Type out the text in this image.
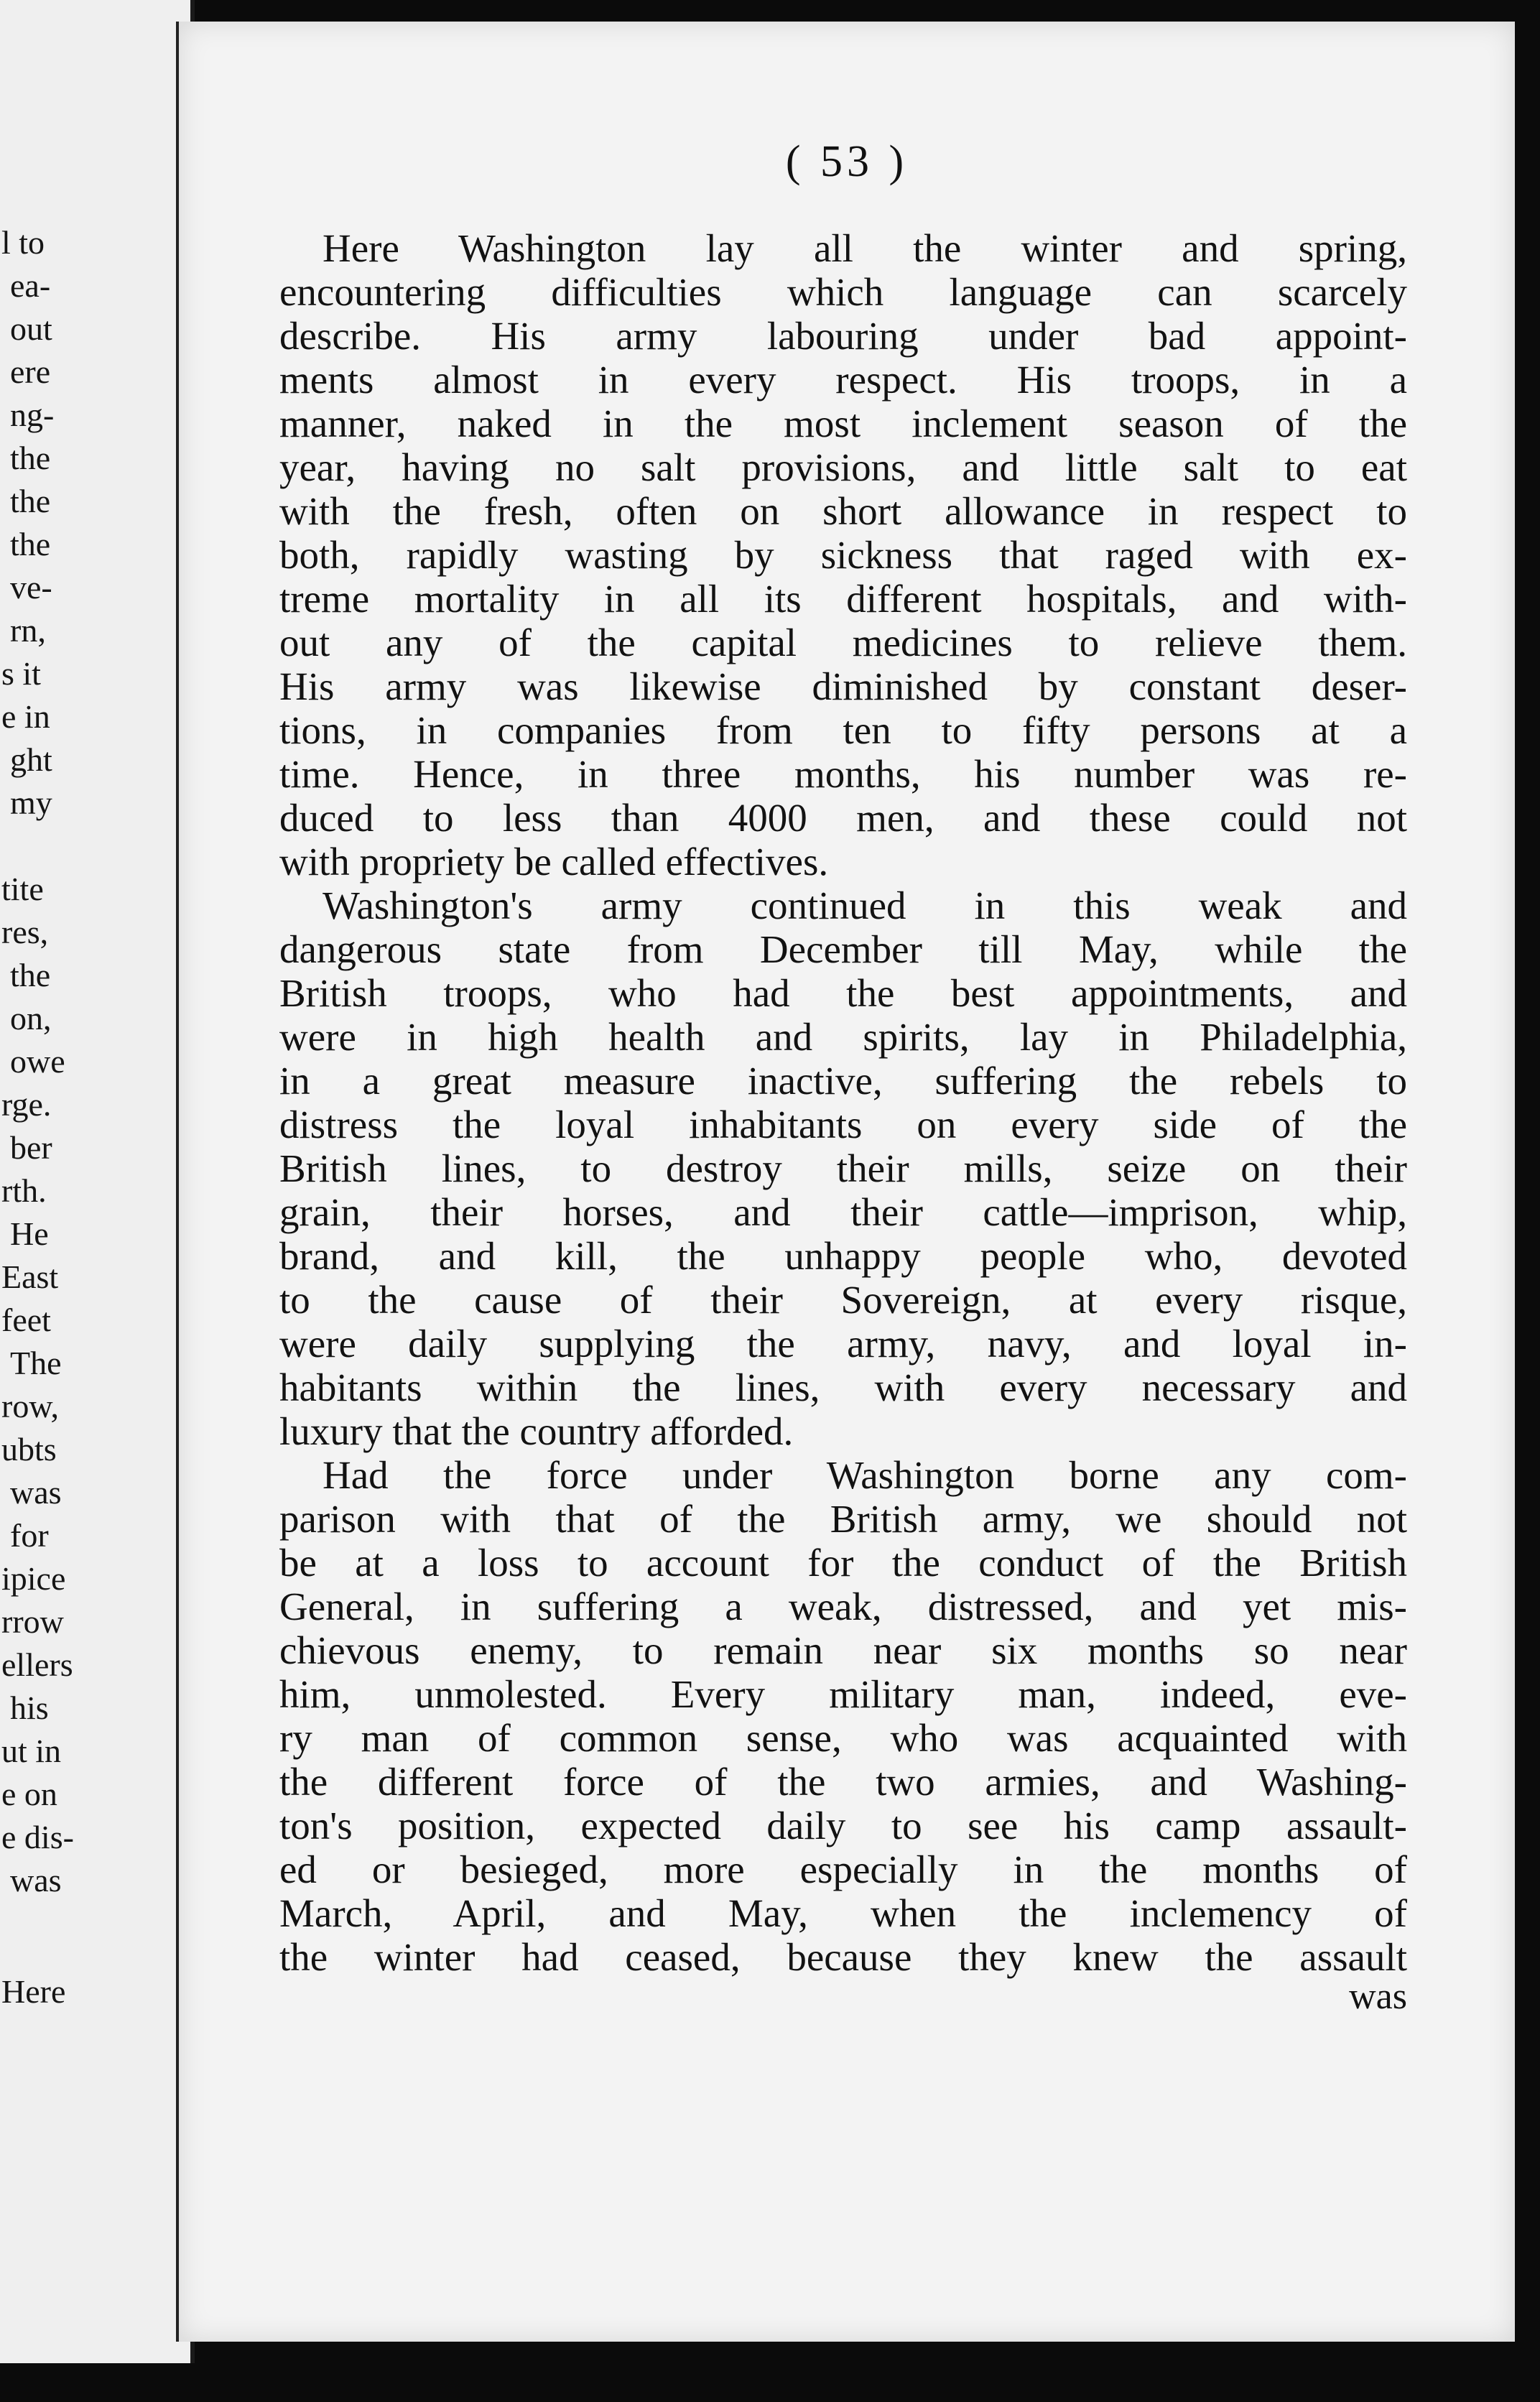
l to
ea-
out
ere
ng-
the
the
the
ve-
rn,
s it
e in
ght
my
tite
res,
the
on,
owe
rge.
ber
rth.
He
East
feet
The
row,
ubts
was
for
ipice
rrow
ellers
his
ut in
e on
e dis-
was
Here
( 53 )
Here Washington lay all the winter and spring,
encountering difficulties which language can scarcely
describe. His army labouring under bad appoint-
ments almost in every respect. His troops, in a
manner, naked in the most inclement season of the
year, having no salt provisions, and little salt to eat
with the fresh, often on short allowance in respect to
both, rapidly wasting by sickness that raged with ex-
treme mortality in all its different hospitals, and with-
out any of the capital medicines to relieve them.
His army was likewise diminished by constant deser-
tions, in companies from ten to fifty persons at a
time. Hence, in three months, his number was re-
duced to less than 4000 men, and these could not
with propriety be called effectives.
Washington's army continued in this weak and
dangerous state from December till May, while the
British troops, who had the best appointments, and
were in high health and spirits, lay in Philadelphia,
in a great measure inactive, suffering the rebels to
distress the loyal inhabitants on every side of the
British lines, to destroy their mills, seize on their
grain, their horses, and their cattle—imprison, whip,
brand, and kill, the unhappy people who, devoted
to the cause of their Sovereign, at every risque,
were daily supplying the army, navy, and loyal in-
habitants within the lines, with every necessary and
luxury that the country afforded.
Had the force under Washington borne any com-
parison with that of the British army, we should not
be at a loss to account for the conduct of the British
General, in suffering a weak, distressed, and yet mis-
chievous enemy, to remain near six months so near
him, unmolested. Every military man, indeed, eve-
ry man of common sense, who was acquainted with
the different force of the two armies, and Washing-
ton's position, expected daily to see his camp assault-
ed or besieged, more especially in the months of
March, April, and May, when the inclemency of
the winter had ceased, because they knew the assault
was
